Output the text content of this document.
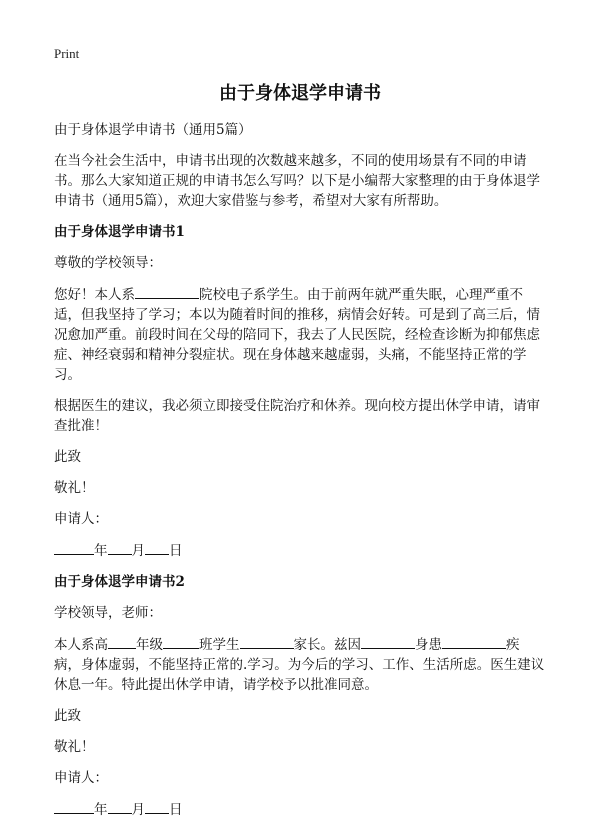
Print
由于身体退学申请书

由于身体退学申请书（通用5篇）

在当今社会生活中，申请书出现的次数越来越多，不同的使用场景有不同的申请书。那么大家知道正规的申请书怎么写吗？以下是小编帮大家整理的由于身体退学申请书（通用5篇），欢迎大家借鉴与参考，希望对大家有所帮助。

由于身体退学申请书1

尊敬的学校领导：

您好！本人系	院校电子系学生。由于前两年就严重失眠，心理严重不适，但我坚持了学习；本以为随着时间的推移，病情会好转。可是到了高三后，情况愈加严重。前段时间在父母的陪同下，我去了人民医院，经检查诊断为抑郁焦虑症、神经衰弱和精神分裂症状。现在身体越来越虚弱，头痛，不能坚持正常的学习。

根据医生的建议，我必须立即接受住院治疗和休养。现向校方提出休学申请，请审查批准！

此致

敬礼！

申请人：

年 月 日

由于身体退学申请书2

学校领导，老师：

本人系高 年级	班学生	家长。兹因	身患	疾病，身体虚弱，不能坚持正常的.学习。为今后的学习、工作、生活所虑。医生建议休息一年。特此提出休学申请，请学校予以批准同意。

此致

敬礼！

申请人：

年 月 日
